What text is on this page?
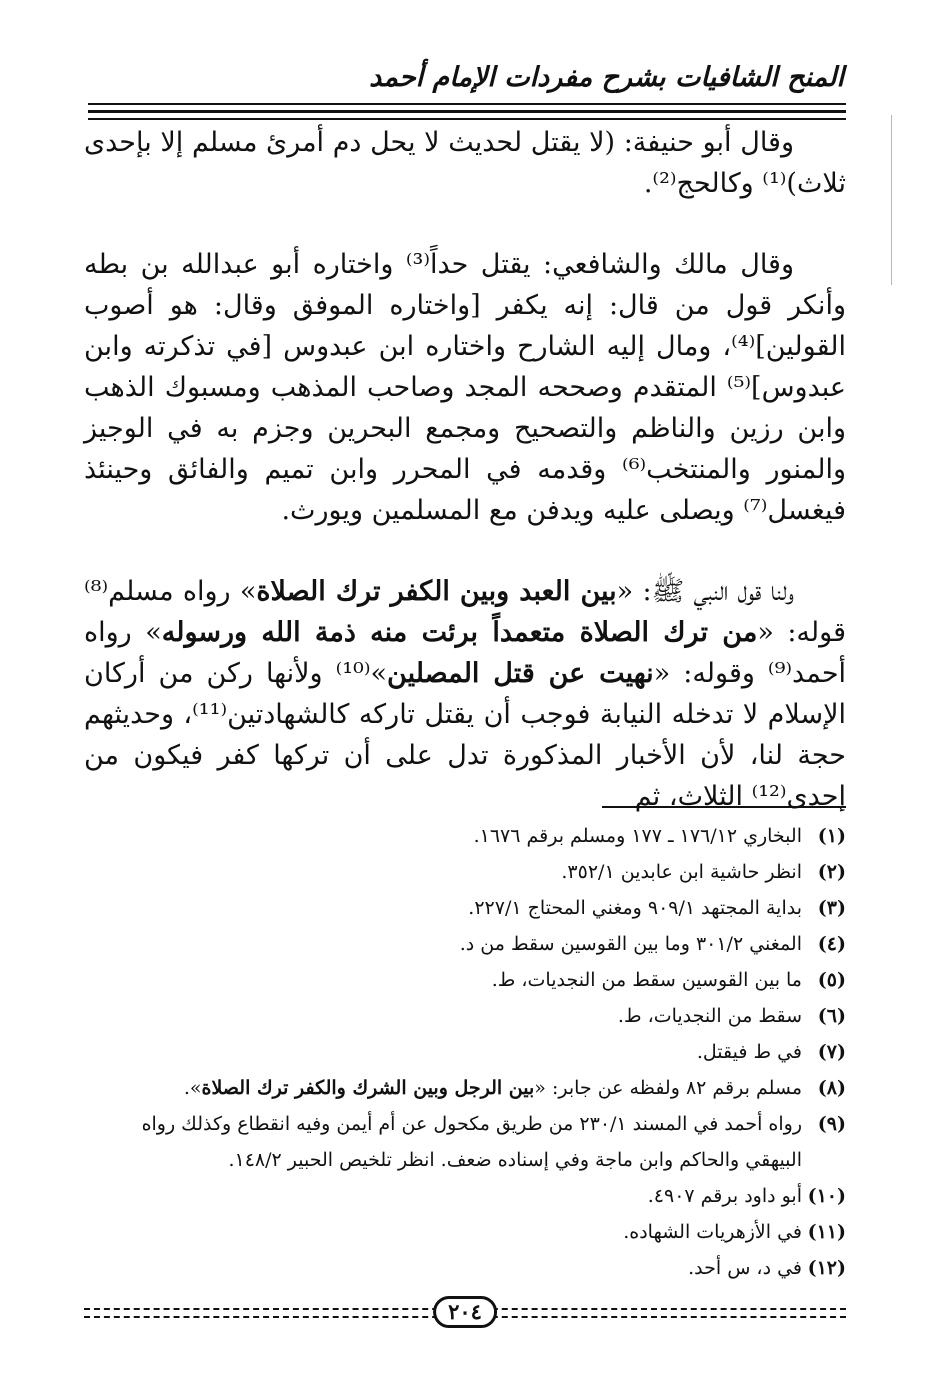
المنح الشافيات بشرح مفردات الإمام أحمد

وقال أبو حنيفة: (لا يقتل لحديث لا يحل دم أمرئ مسلم إلا بإحدى ثلاث)⁽¹⁾ وكالحج⁽²⁾.

وقال مالك والشافعي: يقتل حداً⁽³⁾ واختاره أبو عبدالله بن بطه وأنكر قول من قال: إنه يكفر [واختاره الموفق وقال: هو أصوب القولين]⁽⁴⁾، ومال إليه الشارح واختاره ابن عبدوس [في تذكرته وابن عبدوس]⁽⁵⁾ المتقدم وصححه المجد وصاحب المذهب ومسبوك الذهب وابن رزين والناظم والتصحيح ومجمع البحرين وجزم به في الوجيز والمنور والمنتخب⁽⁶⁾ وقدمه في المحرر وابن تميم والفائق وحينئذ فيغسل⁽⁷⁾ ويصلى عليه ويدفن مع المسلمين ويورث.

ولنا قول النبي ﷺ: «بين العبد وبين الكفر ترك الصلاة» رواه مسلم⁽⁸⁾ قوله: «من ترك الصلاة متعمداً برئت منه ذمة الله ورسوله» رواه أحمد⁽⁹⁾ وقوله: «نهيت عن قتل المصلين»⁽¹⁰⁾ ولأنها ركن من أركان الإسلام لا تدخله النيابة فوجب أن يقتل تاركه كالشهادتين⁽¹¹⁾، وحديثهم حجة لنا، لأن الأخبار المذكورة تدل على أن تركها كفر فيكون من إحدى⁽¹²⁾ الثلاث، ثم

(١)
البخاري ١٧٦/١٢ ـ ١٧٧ ومسلم برقم ١٦٧٦.
(٢)
انظر حاشية ابن عابدين ٣٥٢/١.
(٣)
بداية المجتهد ٩٠٩/١ ومغني المحتاج ٢٢٧/١.
(٤)
المغني ٣٠١/٢ وما بين القوسين سقط من د.
(٥)
ما بين القوسين سقط من النجديات، ط.
(٦)
سقط من النجديات، ط.
(٧)
في ط فيقتل.
(٨)
مسلم برقم ٨٢ ولفظه عن جابر: «بين الرجل وبين الشرك والكفر ترك الصلاة».
(٩)
رواه أحمد في المسند ٢٣٠/١ من طريق مكحول عن أم أيمن وفيه انقطاع وكذلك رواه البيهقي والحاكم وابن ماجة وفي إسناده ضعف. انظر تلخيص الحبير ١٤٨/٢.
(١٠)
أبو داود برقم ٤٩٠٧.
(١١)
في الأزهريات الشهاده.
(١٢)
في د، س أحد.
٢٠٤
